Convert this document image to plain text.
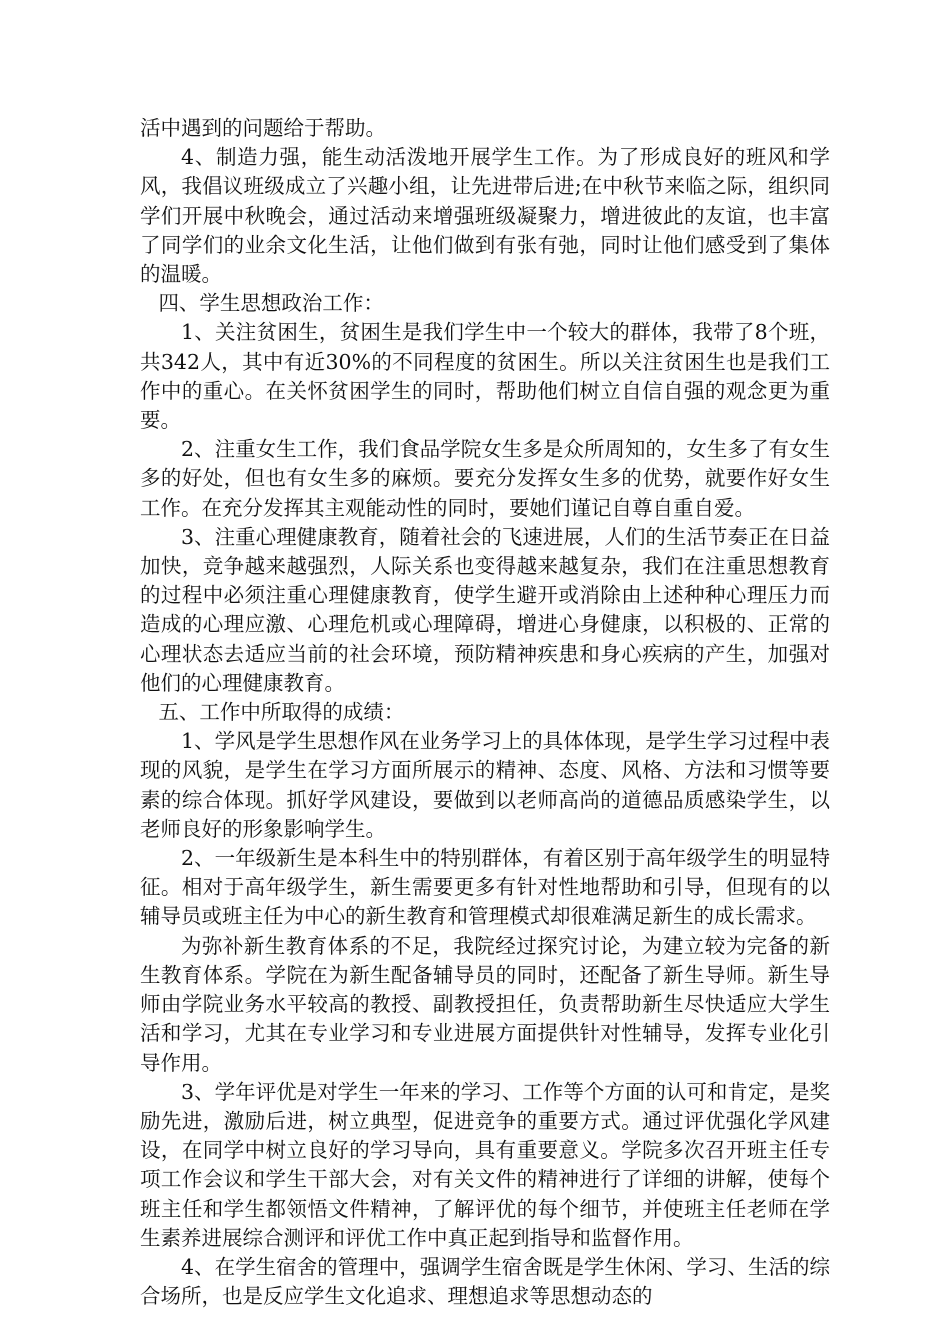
活中遇到的问题给于帮助。

4、制造力强，能生动活泼地开展学生工作。为了形成良好的班风和学风，我倡议班级成立了兴趣小组，让先进带后进;在中秋节来临之际，组织同学们开展中秋晚会，通过活动来增强班级凝聚力，增进彼此的友谊，也丰富了同学们的业余文化生活，让他们做到有张有弛，同时让他们感受到了集体的温暖。

四、学生思想政治工作：

1、关注贫困生，贫困生是我们学生中一个较大的群体，我带了8个班，共342人，其中有近30%的不同程度的贫困生。所以关注贫困生也是我们工作中的重心。在关怀贫困学生的同时，帮助他们树立自信自强的观念更为重要。

2、注重女生工作，我们食品学院女生多是众所周知的，女生多了有女生多的好处，但也有女生多的麻烦。要充分发挥女生多的优势，就要作好女生工作。在充分发挥其主观能动性的同时，要她们谨记自尊自重自爱。

3、注重心理健康教育，随着社会的飞速进展，人们的生活节奏正在日益加快，竞争越来越强烈，人际关系也变得越来越复杂，我们在注重思想教育的过程中必须注重心理健康教育，使学生避开或消除由上述种种心理压力而造成的心理应激、心理危机或心理障碍，增进心身健康，以积极的、正常的心理状态去适应当前的社会环境，预防精神疾患和身心疾病的产生，加强对他们的心理健康教育。

五、工作中所取得的成绩：

1、学风是学生思想作风在业务学习上的具体体现，是学生学习过程中表现的风貌，是学生在学习方面所展示的精神、态度、风格、方法和习惯等要素的综合体现。抓好学风建设，要做到以老师高尚的道德品质感染学生，以老师良好的形象影响学生。

2、一年级新生是本科生中的特别群体，有着区别于高年级学生的明显特征。相对于高年级学生，新生需要更多有针对性地帮助和引导，但现有的以辅导员或班主任为中心的新生教育和管理模式却很难满足新生的成长需求。

为弥补新生教育体系的不足，我院经过探究讨论，为建立较为完备的新生教育体系。学院在为新生配备辅导员的同时，还配备了新生导师。新生导师由学院业务水平较高的教授、副教授担任，负责帮助新生尽快适应大学生活和学习，尤其在专业学习和专业进展方面提供针对性辅导，发挥专业化引导作用。

3、学年评优是对学生一年来的学习、工作等个方面的认可和肯定，是奖励先进，激励后进，树立典型，促进竞争的重要方式。通过评优强化学风建设，在同学中树立良好的学习导向，具有重要意义。学院多次召开班主任专项工作会议和学生干部大会，对有关文件的精神进行了详细的讲解，使每个班主任和学生都领悟文件精神，了解评优的每个细节，并使班主任老师在学生素养进展综合测评和评优工作中真正起到指导和监督作用。

4、在学生宿舍的管理中，强调学生宿舍既是学生休闲、学习、生活的综合场所，也是反应学生文化追求、理想追求等思想动态的
